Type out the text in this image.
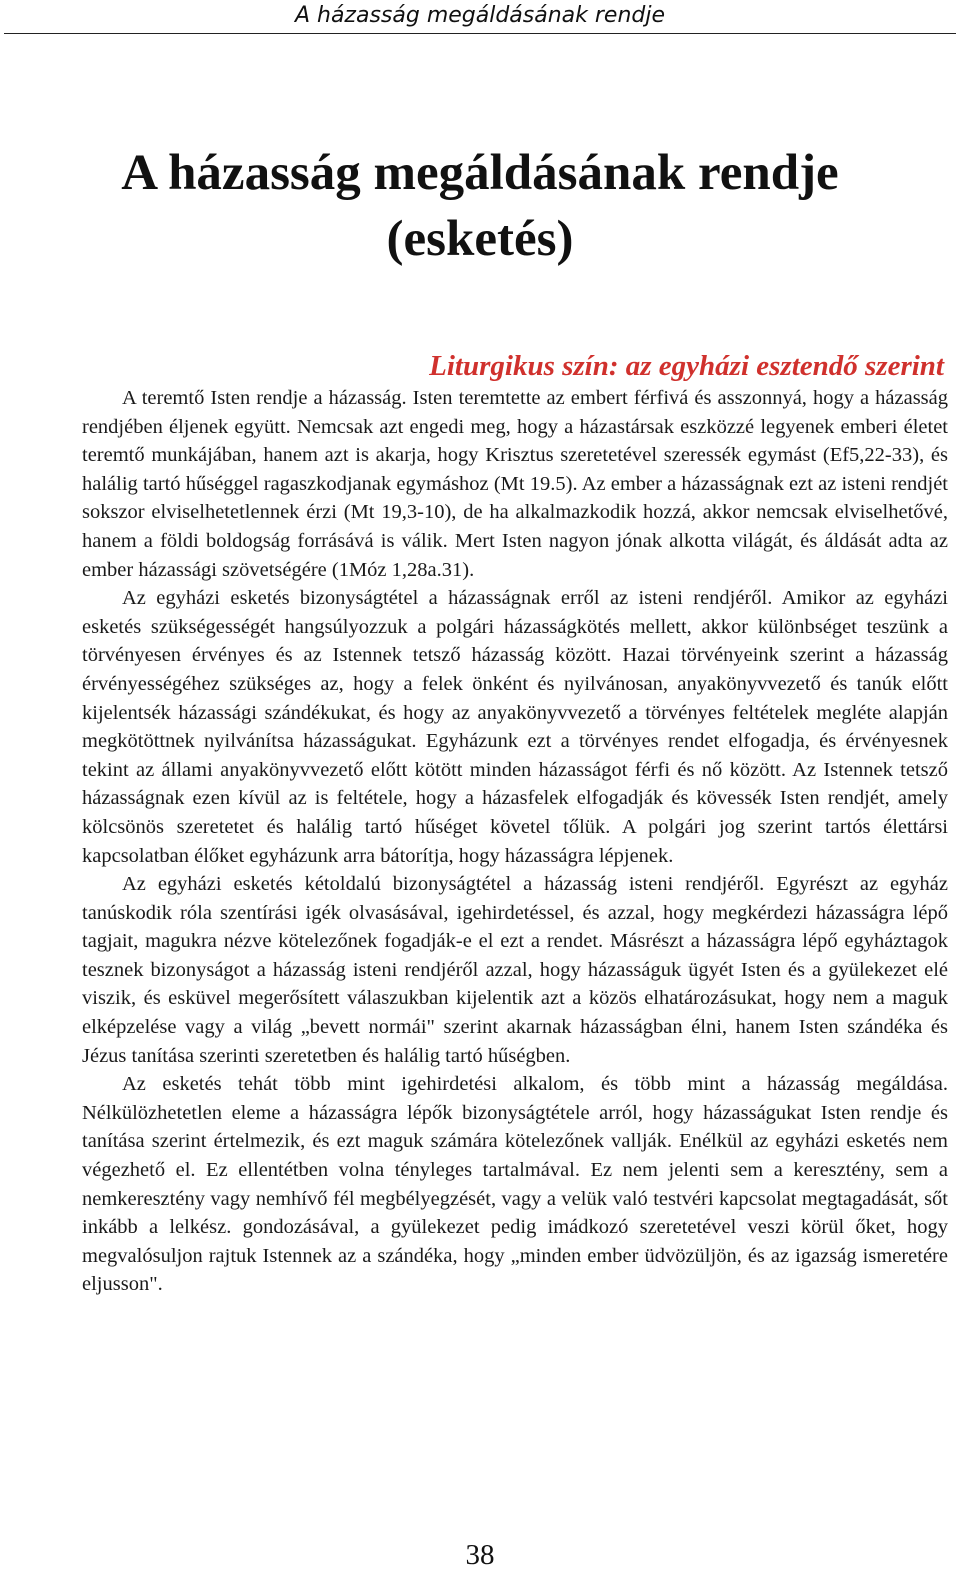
A házasság megáldásának rendje
A házasság megáldásának rendje
(esketés)
Liturgikus szín: az egyházi esztendő szerint

A teremtő Isten rendje a házasság. Isten teremtette az embert férfivá és asszonnyá, hogy a házasság rendjében éljenek együtt. Nemcsak azt engedi meg, hogy a házastársak eszközzé legyenek emberi életet teremtő munkájában, hanem azt is akarja, hogy Krisztus szeretetével szeressék egymást (Ef5,22-33), és halálig tartó hűséggel ragaszkodjanak egymáshoz (Mt 19.5). Az ember a házasságnak ezt az isteni rendjét sokszor elviselhetetlennek érzi (Mt 19,3-10), de ha alkalmazkodik hozzá, akkor nemcsak elviselhetővé, hanem a földi boldogság forrásává is válik. Mert Isten nagyon jónak alkotta világát, és áldását adta az ember házassági szövetségére (1Móz 1,28a.31).

Az egyházi esketés bizonyságtétel a házasságnak erről az isteni rendjéről. Amikor az egyházi esketés szükségességét hangsúlyozzuk a polgári házasságkötés mellett, akkor különbséget teszünk a törvényesen érvényes és az Istennek tetsző házasság között. Hazai törvényeink szerint a házasság érvényességéhez szükséges az, hogy a felek önként és nyilvánosan, anyakönyvvezető és tanúk előtt kijelentsék házassági szándékukat, és hogy az anyakönyvvezető a törvényes feltételek megléte alapján megkötöttnek nyilvánítsa házasságukat. Egyházunk ezt a törvényes rendet elfogadja, és érvényesnek tekint az állami anyakönyvvezető előtt kötött minden házasságot férfi és nő között. Az Istennek tetsző házasságnak ezen kívül az is feltétele, hogy a házasfelek elfogadják és kövessék Isten rendjét, amely kölcsönös szeretetet és halálig tartó hűséget követel tőlük. A polgári jog szerint tartós élettársi kapcsolatban élőket egyházunk arra bátorítja, hogy házasságra lépjenek.

Az egyházi esketés kétoldalú bizonyságtétel a házasság isteni rendjéről. Egyrészt az egyház tanúskodik róla szentírási igék olvasásával, igehirdetéssel, és azzal, hogy megkérdezi házasságra lépő tagjait, magukra nézve kötelezőnek fogadják-e el ezt a rendet. Másrészt a házasságra lépő egyháztagok tesznek bizonyságot a házasság isteni rendjéről azzal, hogy házasságuk ügyét Isten és a gyülekezet elé viszik, és esküvel megerősített válaszukban kijelentik azt a közös elhatározásukat, hogy nem a maguk elképzelése vagy a világ „bevett normái" szerint akarnak házasságban élni, hanem Isten szándéka és Jézus tanítása szerinti szeretetben és halálig tartó hűségben.

Az esketés tehát több mint igehirdetési alkalom, és több mint a házasság megáldása. Nélkülözhetetlen eleme a házasságra lépők bizonyságtétele arról, hogy házasságukat Isten rendje és tanítása szerint értelmezik, és ezt maguk számára kötelezőnek vallják. Enélkül az egyházi esketés nem végezhető el. Ez ellentétben volna tényleges tartalmával. Ez nem jelenti sem a keresztény, sem a nemkeresztény vagy nemhívő fél megbélyegzését, vagy a velük való testvéri kapcsolat megtagadását, sőt inkább a lelkész. gondozásával, a gyülekezet pedig imádkozó szeretetével veszi körül őket, hogy megvalósuljon rajtuk Istennek az a szándéka, hogy „minden ember üdvözüljön, és az igazság ismeretére eljusson".

38
